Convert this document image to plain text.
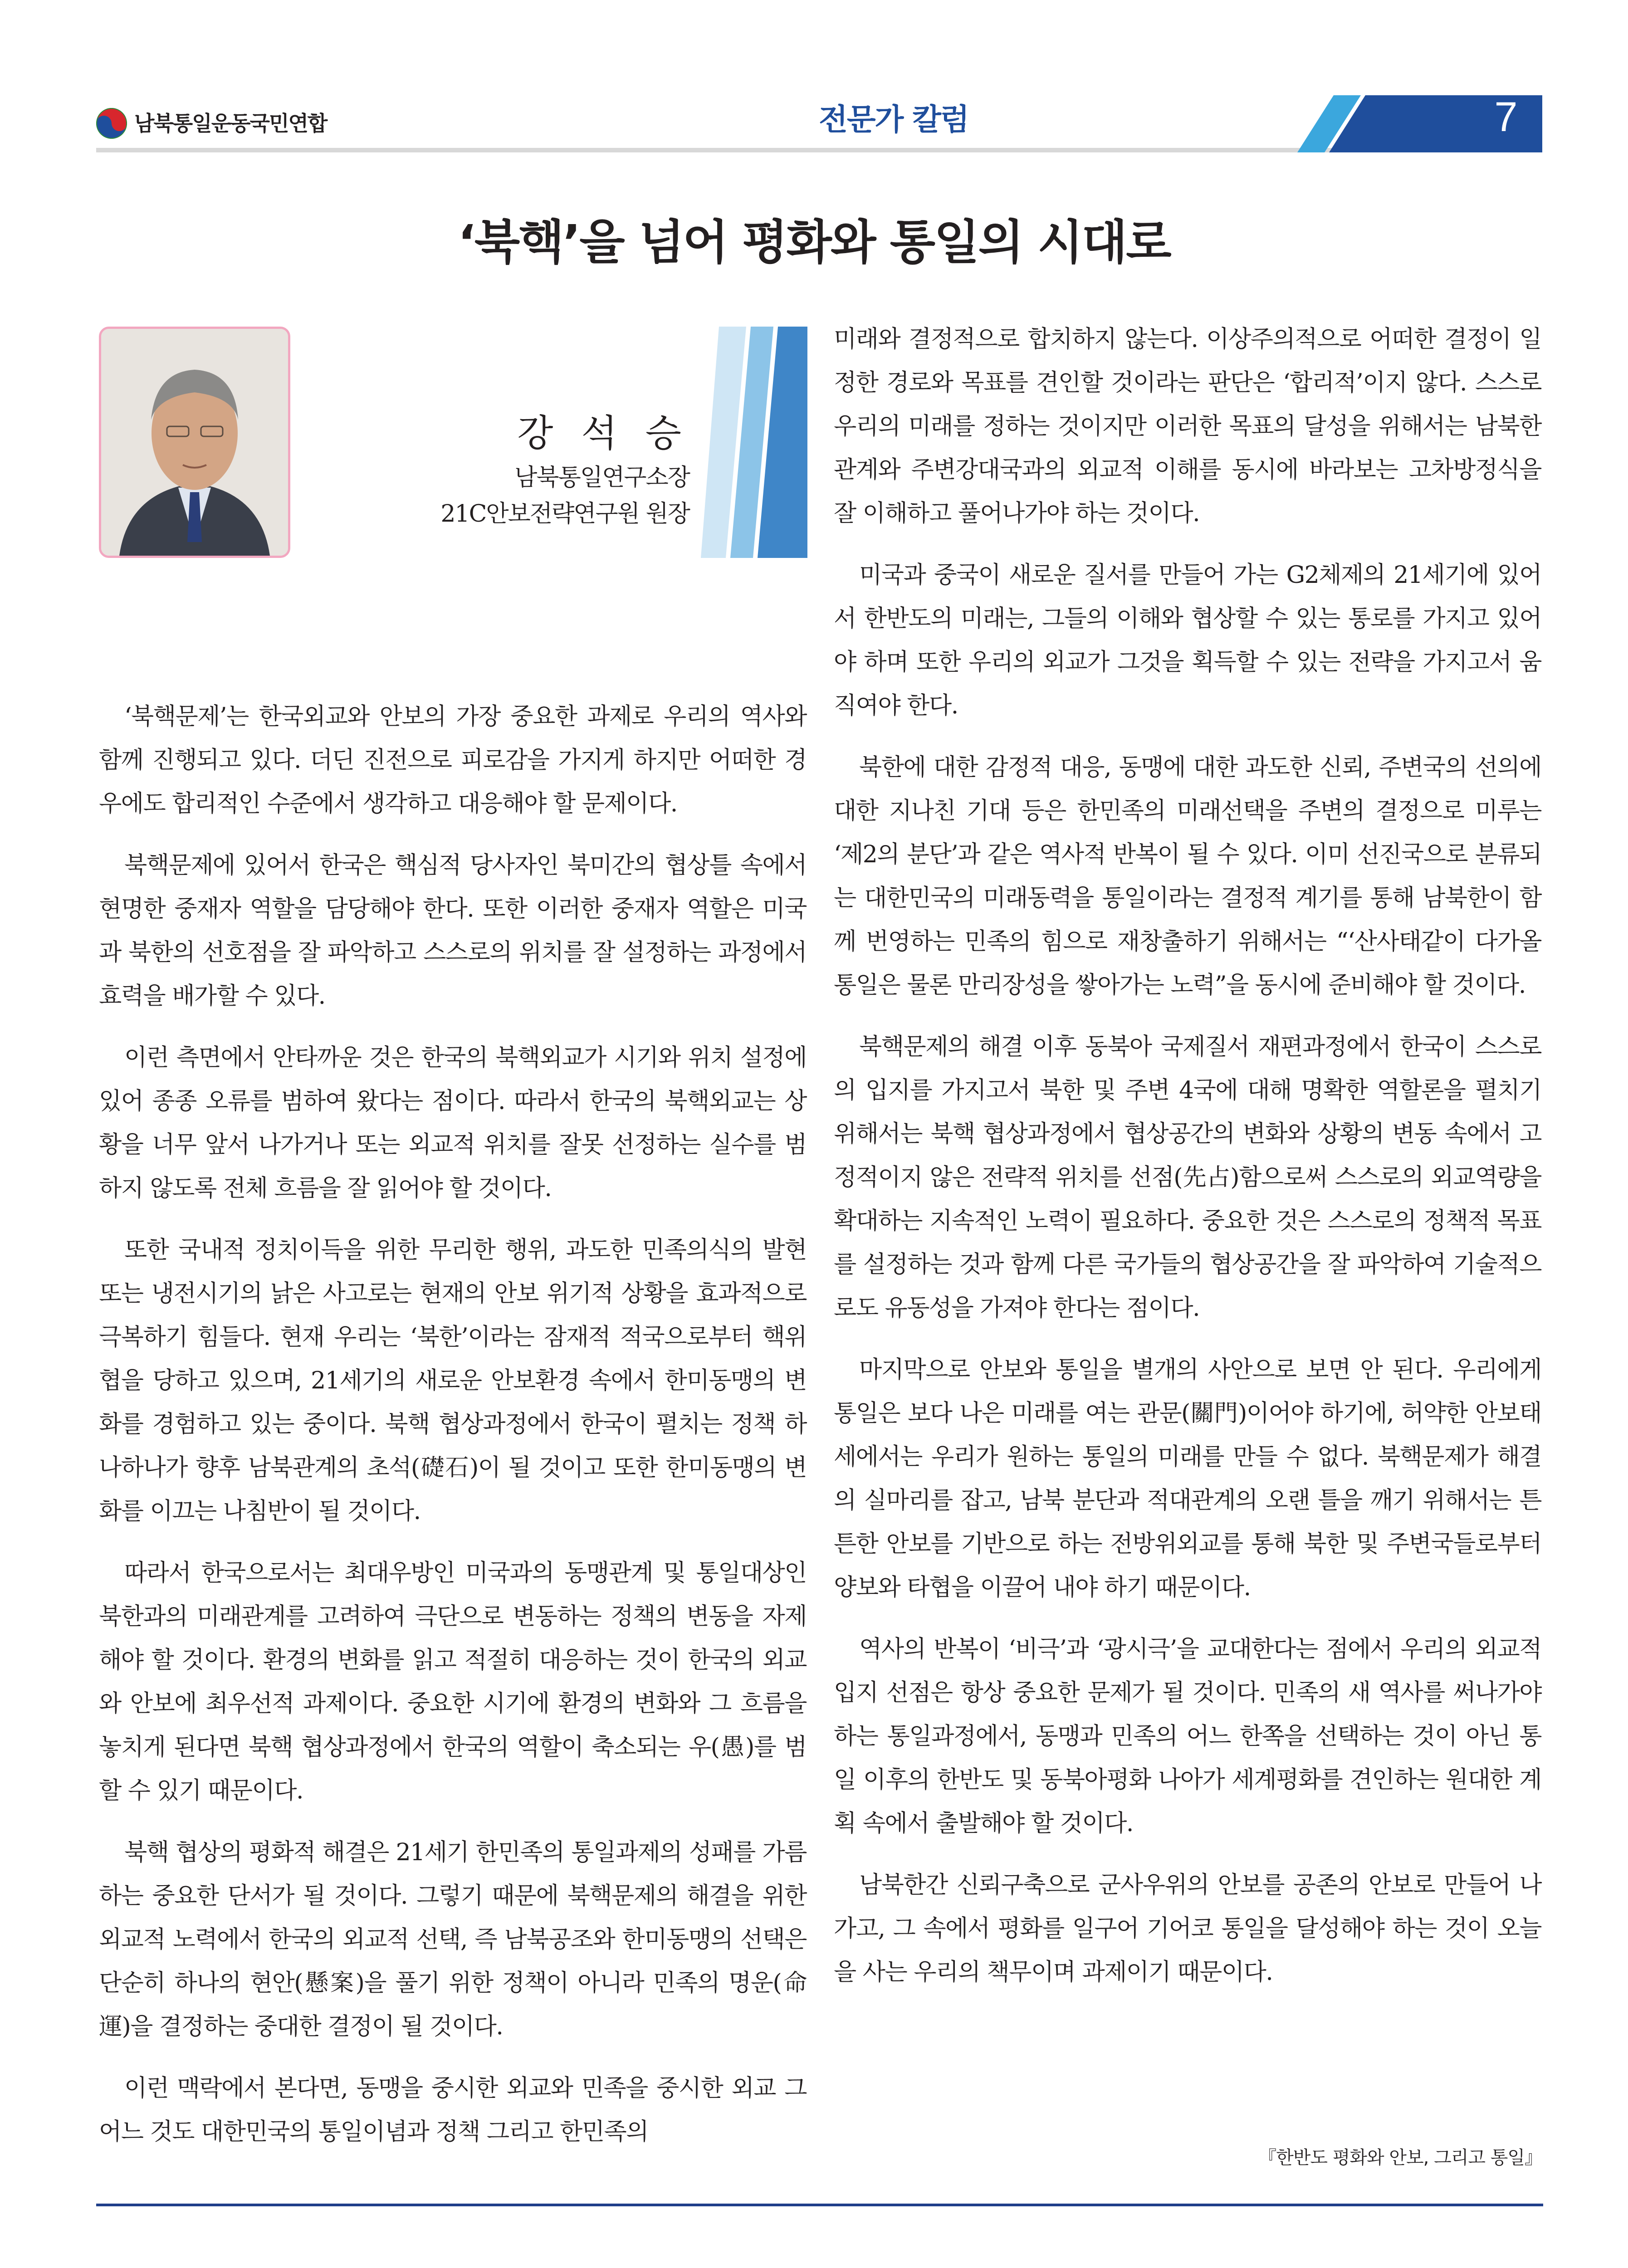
남북통일운동국민연합	전문가 칼럼	7
‘북핵’을 넘어 평화와 통일의 시대로
강 석 승
남북통일연구소장
21C안보전략연구원 원장

‘북핵문제’는 한국외교와 안보의 가장 중요한 과제로 우리의 역사와 함께 진행되고 있다. 더딘 진전으로 피로감을 가지게 하지만 어떠한 경우에도 합리적인 수준에서 생각하고 대응해야 할 문제이다.

북핵문제에 있어서 한국은 핵심적 당사자인 북미간의 협상틀 속에서 현명한 중재자 역할을 담당해야 한다. 또한 이러한 중재자 역할은 미국과 북한의 선호점을 잘 파악하고 스스로의 위치를 잘 설정하는 과정에서 효력을 배가할 수 있다.

이런 측면에서 안타까운 것은 한국의 북핵외교가 시기와 위치 설정에 있어 종종 오류를 범하여 왔다는 점이다. 따라서 한국의 북핵외교는 상황을 너무 앞서 나가거나 또는 외교적 위치를 잘못 선정하는 실수를 범하지 않도록 전체 흐름을 잘 읽어야 할 것이다.

또한 국내적 정치이득을 위한 무리한 행위, 과도한 민족의식의 발현 또는 냉전시기의 낡은 사고로는 현재의 안보 위기적 상황을 효과적으로 극복하기 힘들다. 현재 우리는 ‘북한’이라는 잠재적 적국으로부터 핵위협을 당하고 있으며, 21세기의 새로운 안보환경 속에서 한미동맹의 변화를 경험하고 있는 중이다. 북핵 협상과정에서 한국이 펼치는 정책 하나하나가 향후 남북관계의 초석(礎石)이 될 것이고 또한 한미동맹의 변화를 이끄는 나침반이 될 것이다.

따라서 한국으로서는 최대우방인 미국과의 동맹관계 및 통일대상인 북한과의 미래관계를 고려하여 극단으로 변동하는 정책의 변동을 자제해야 할 것이다. 환경의 변화를 읽고 적절히 대응하는 것이 한국의 외교와 안보에 최우선적 과제이다. 중요한 시기에 환경의 변화와 그 흐름을 놓치게 된다면 북핵 협상과정에서 한국의 역할이 축소되는 우(愚)를 범할 수 있기 때문이다.

북핵 협상의 평화적 해결은 21세기 한민족의 통일과제의 성패를 가름하는 중요한 단서가 될 것이다. 그렇기 때문에 북핵문제의 해결을 위한 외교적 노력에서 한국의 외교적 선택, 즉 남북공조와 한미동맹의 선택은 단순히 하나의 현안(懸案)을 풀기 위한 정책이 아니라 민족의 명운(命運)을 결정하는 중대한 결정이 될 것이다.

이런 맥락에서 본다면, 동맹을 중시한 외교와 민족을 중시한 외교 그 어느 것도 대한민국의 통일이념과 정책 그리고 한민족의

미래와 결정적으로 합치하지 않는다. 이상주의적으로 어떠한 결정이 일정한 경로와 목표를 견인할 것이라는 판단은 ‘합리적’이지 않다. 스스로 우리의 미래를 정하는 것이지만 이러한 목표의 달성을 위해서는 남북한관계와 주변강대국과의 외교적 이해를 동시에 바라보는 고차방정식을 잘 이해하고 풀어나가야 하는 것이다.

미국과 중국이 새로운 질서를 만들어 가는 G2체제의 21세기에 있어서 한반도의 미래는, 그들의 이해와 협상할 수 있는 통로를 가지고 있어야 하며 또한 우리의 외교가 그것을 획득할 수 있는 전략을 가지고서 움직여야 한다.

북한에 대한 감정적 대응, 동맹에 대한 과도한 신뢰, 주변국의 선의에 대한 지나친 기대 등은 한민족의 미래선택을 주변의 결정으로 미루는 ‘제2의 분단’과 같은 역사적 반복이 될 수 있다. 이미 선진국으로 분류되는 대한민국의 미래동력을 통일이라는 결정적 계기를 통해 남북한이 함께 번영하는 민족의 힘으로 재창출하기 위해서는 “‘산사태같이 다가올 통일은 물론 만리장성을 쌓아가는 노력”을 동시에 준비해야 할 것이다.

북핵문제의 해결 이후 동북아 국제질서 재편과정에서 한국이 스스로의 입지를 가지고서 북한 및 주변 4국에 대해 명확한 역할론을 펼치기 위해서는 북핵 협상과정에서 협상공간의 변화와 상황의 변동 속에서 고정적이지 않은 전략적 위치를 선점(先占)함으로써 스스로의 외교역량을 확대하는 지속적인 노력이 필요하다. 중요한 것은 스스로의 정책적 목표를 설정하는 것과 함께 다른 국가들의 협상공간을 잘 파악하여 기술적으로도 유동성을 가져야 한다는 점이다.

마지막으로 안보와 통일을 별개의 사안으로 보면 안 된다. 우리에게 통일은 보다 나은 미래를 여는 관문(關門)이어야 하기에, 허약한 안보태세에서는 우리가 원하는 통일의 미래를 만들 수 없다. 북핵문제가 해결의 실마리를 잡고, 남북 분단과 적대관계의 오랜 틀을 깨기 위해서는 튼튼한 안보를 기반으로 하는 전방위외교를 통해 북한 및 주변국들로부터 양보와 타협을 이끌어 내야 하기 때문이다.

역사의 반복이 ‘비극’과 ‘광시극’을 교대한다는 점에서 우리의 외교적 입지 선점은 항상 중요한 문제가 될 것이다. 민족의 새 역사를 써나가야 하는 통일과정에서, 동맹과 민족의 어느 한쪽을 선택하는 것이 아닌 통일 이후의 한반도 및 동북아평화 나아가 세계평화를 견인하는 원대한 계획 속에서 출발해야 할 것이다.

남북한간 신뢰구축으로 군사우위의 안보를 공존의 안보로 만들어 나가고, 그 속에서 평화를 일구어 기어코 통일을 달성해야 하는 것이 오늘을 사는 우리의 책무이며 과제이기 때문이다.

『한반도 평화와 안보, 그리고 통일』
